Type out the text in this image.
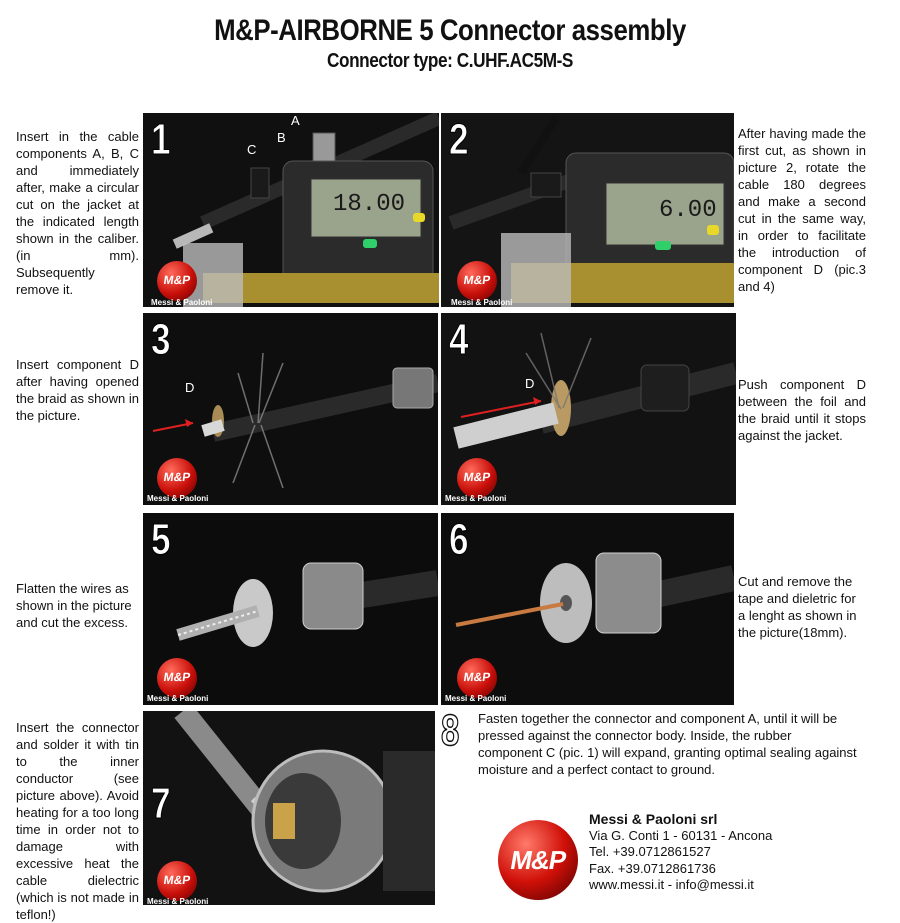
M&P-AIRBORNE 5 Connector assembly
Connector type: C.UHF.AC5M-S
Insert in the cable components A, B, C and immediately after, make a circular cut on the jacket at the indicated length shown in the caliber. (in mm). Subsequently remove it.
18.00
1	A
B
C
M&P
Messi & Paoloni
6.00
2
M&P
Messi & Paoloni
After having made the first cut, as shown in picture 2, rotate the cable 180 degrees and make a second cut in the same way, in order to facilitate the introduction of component D (pic.3 and 4)
Insert component D after having opened the braid as shown in the picture.
3
D
M&P
Messi & Paoloni
4
D
M&P
Messi & Paoloni
Push component D between the foil and the braid until it stops against the jacket.
Flatten the wires as shown in the picture and cut the excess.
5
M&P
Messi & Paoloni
6
M&P
Messi & Paoloni
Cut and remove the tape and dieletric for a lenght as shown in the picture(18mm).
Insert the connector and solder it with tin to the inner conductor (see picture above). Avoid heating for a too long time in order not to damage with excessive heat the cable dielectric (which is not made in teflon!)
7
M&P
Messi & Paoloni
8 Fasten together the connector and component A, until it will be pressed against the connector body. Inside, the rubber component C (pic. 1) will expand, granting optimal sealing against moisture and a perfect contact to ground.
M&P
Messi & Paoloni srl
Via G. Conti 1 - 60131 - Ancona
Tel. +39.0712861527
Fax. +39.0712861736
www.messi.it - info@messi.it
